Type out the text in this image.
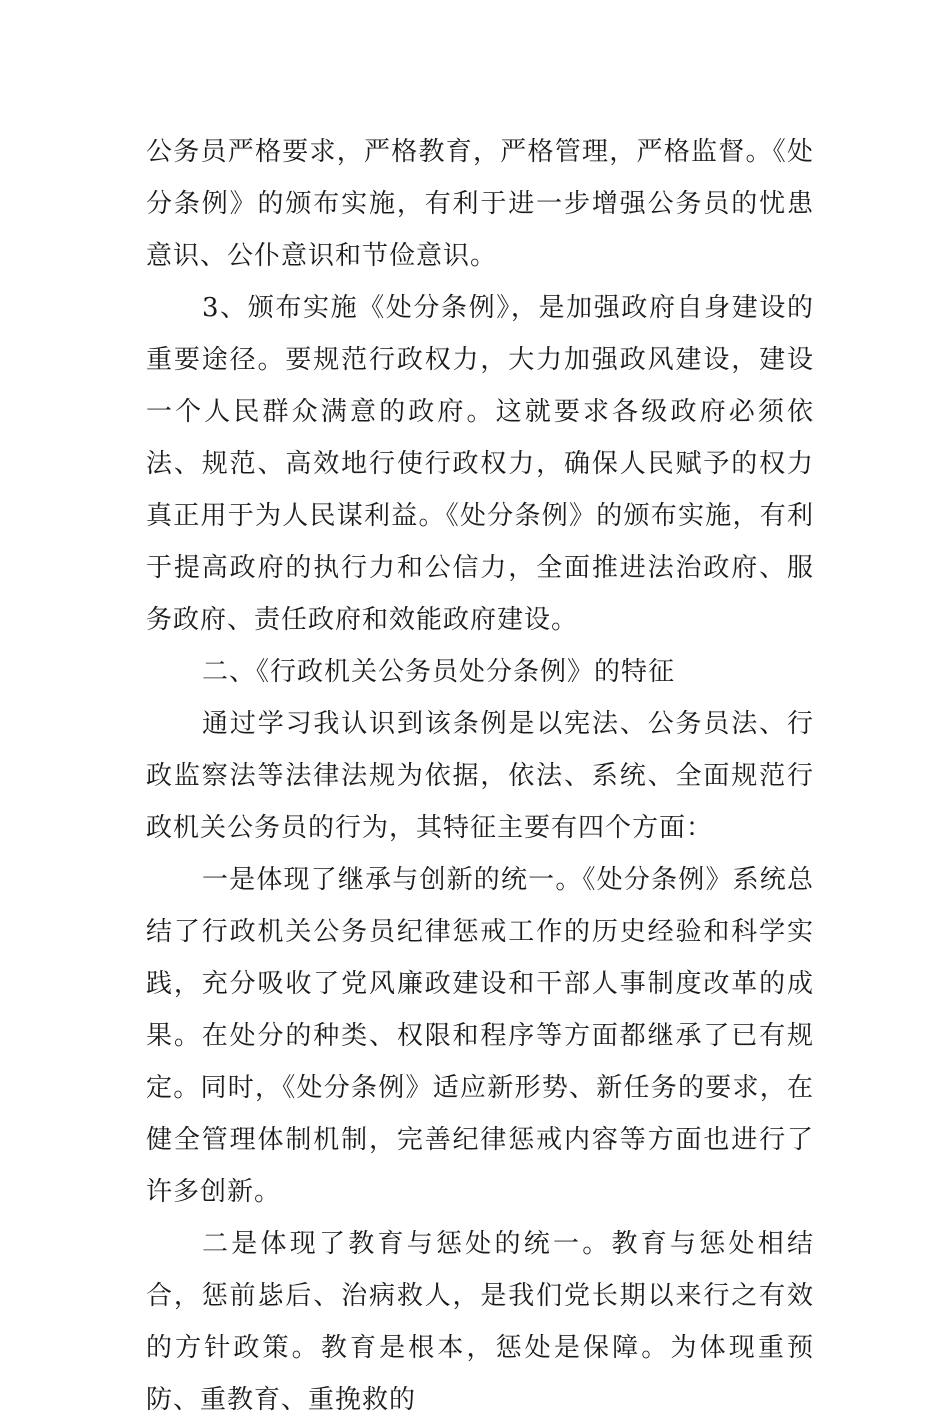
公务员严格要求，严格教育，严格管理，严格监督。《处分条例》的颁布实施，有利于进一步增强公务员的忧患意识、公仆意识和节俭意识。

3、颁布实施《处分条例》，是加强政府自身建设的重要途径。要规范行政权力，大力加强政风建设，建设一个人民群众满意的政府。这就要求各级政府必须依法、规范、高效地行使行政权力，确保人民赋予的权力真正用于为人民谋利益。《处分条例》的颁布实施，有利于提高政府的执行力和公信力，全面推进法治政府、服务政府、责任政府和效能政府建设。

二、《行政机关公务员处分条例》的特征

通过学习我认识到该条例是以宪法、公务员法、行政监察法等法律法规为依据，依法、系统、全面规范行政机关公务员的行为，其特征主要有四个方面：

一是体现了继承与创新的统一。《处分条例》系统总结了行政机关公务员纪律惩戒工作的历史经验和科学实践，充分吸收了党风廉政建设和干部人事制度改革的成果。在处分的种类、权限和程序等方面都继承了已有规定。同时，《处分条例》适应新形势、新任务的要求，在健全管理体制机制，完善纪律惩戒内容等方面也进行了许多创新。

二是体现了教育与惩处的统一。教育与惩处相结合，惩前毖后、治病救人，是我们党长期以来行之有效的方针政策。教育是根本，惩处是保障。为体现重预防、重教育、重挽救的
